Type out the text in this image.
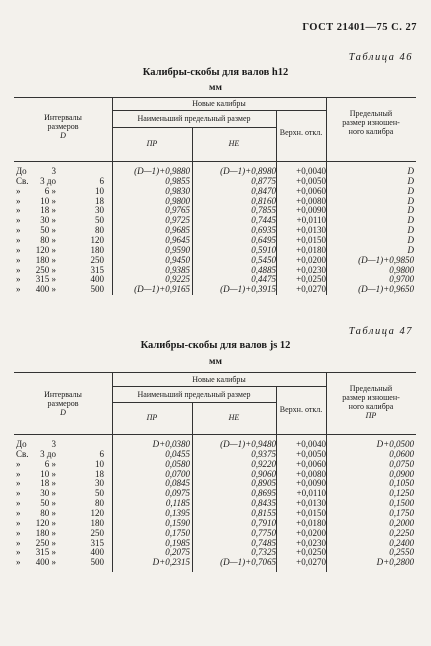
ГОСТ 21401—75 С. 27
Таблица 46
Калибры-скобы для валов h12
мм
Интервалы
размеров
D
Новые калибры
Наименьший предельный размер
ПР	НЕ
Верхн. откл.
Предельный
размер изношен-
ного калибра
До	3	(D—1)+0,9880	(D—1)+0,8980	+0,0040	D
Св. 3 до	6	0,9855	0,8775	+0,0050	D
»	6 »	10	0,9830	0,8470	+0,0060	D
» 10 »	18	0,9800	0,8160	+0,0080	D
» 18 »	30	0,9765	0,7855	+0,0090	D
» 30 »	50	0,9725	0,7445	+0,0110	D
» 50 »	80	0,9685	0,6935	+0,0130	D
» 80 »	120	0,9645	0,6495	+0,0150	D
» 120 »	180	0,9590	0,5910	+0,0180	D
» 180 »	250	0,9450	0,5450	+0,0200	(D—1)+0,9850
» 250 »	315	0,9385	0,4885	+0,0230	0,9800
» 315 »	400	0,9225	0,4475	+0,0250	0,9700
» 400 »	500	(D—1)+0,9165	(D—1)+0,3915	+0,0270	(D—1)+0,9650
Таблица 47
Калибры-скобы для валов js 12
мм
Интервалы
размеров
D
Новые калибры
Наименьший предельный размер
ПР	НЕ
Верхн. откл.
Предельный
размер изношен-
ного калибра
ПР
До	3	D+0,0380	(D—1)+0,9480	+0,0040	D+0,0500
Св. 3 до	6	0,0455	0,9375	+0,0050	0,0600
»	6 »	10	0,0580	0,9220	+0,0060	0,0750
» 10 »	18	0,0700	0,9060	+0,0080	0,0900
» 18 »	30	0,0845	0,8905	+0,0090	0,1050
» 30 »	50	0,0975	0,8695	+0,0110	0,1250
» 50 »	80	0,1185	0,8435	+0,0130	0,1500
» 80 »	120	0,1395	0,8155	+0,0150	0,1750
» 120 »	180	0,1590	0,7910	+0,0180	0,2000
» 180 »	250	0,1750	0,7750	+0,0200	0,2250
» 250 »	315	0,1985	0,7485	+0,0230	0,2400
» 315 »	400	0,2075	0,7325	+0,0250	0,2550
» 400 »	500	D+0,2315	(D—1)+0,7065	+0,0270	D+0,2800
